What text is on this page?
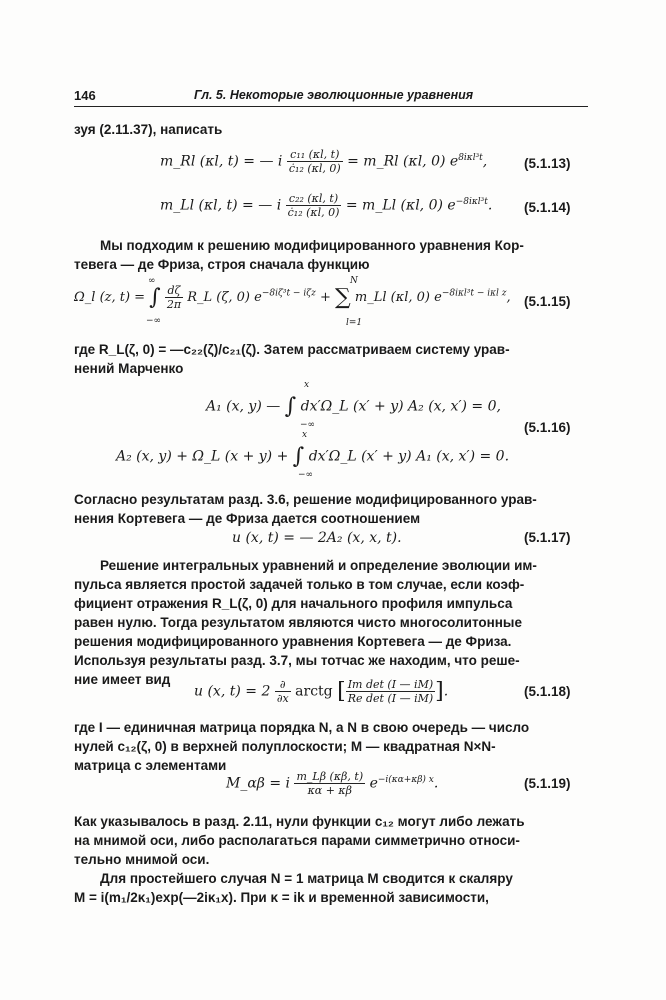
146	Гл. 5. Некоторые эволюционные уравнения
зуя (2.11.37), написать
m_Rl (κl, t) = — i $\frac{\text{c₁₁ (κl, t)}}{\text{ċ₁₂ (κl, 0)}}$ = m_Rl (κl, 0) $e^{8i\kappa l^3t}$,	(5.1.13)
m_Ll (κl, t) = — i $\frac{\text{c₂₂ (κl, t)}}{\text{ċ₁₂ (κl, 0)}}$ = m_Ll (κl, 0) $e^{-8i\kappa l^3t}$. (5.1.14)
Мы подходим к решению модифицированного уравнения Кор-
тевега — де Фриза, строя сначала функцию
Ω_l (z, t) = ∫ $\frac{d\zeta}{2\pi}$ R_L (ζ, 0) $e^{-8i\zeta^3t - i\zeta z}$ + ∑ m_Ll (κl, 0) $e^{-8i\kappa l^3t - i\kappa l z}$,
∞
−∞
N
l=1
(5.1.15)
где R_L(ζ, 0) = —c₂₂(ζ)/c₂₁(ζ). Затем рассматриваем систему урав-
нений Марченко
A₁ (x, y) — ∫ dx′Ω_L (x′ + y) A₂ (x, x′) = 0,
x
−∞
A₂ (x, y) + Ω_L (x + y) + ∫ dx′Ω_L (x′ + y) A₁ (x, x′) = 0.
x
−∞
(5.1.16)
Согласно результатам разд. 3.6, решение модифицированного урав-
нения Кортевега — де Фриза дается соотношением
u (x, t) = — 2A₂ (x, x, t).	(5.1.17)
Решение интегральных уравнений и определение эволюции им-
пульса является простой задачей только в том случае, если коэф-
фициент отражения R_L(ζ, 0) для начального профиля импульса
равен нулю. Тогда результатом являются чисто многосолитонные
решения модифицированного уравнения Кортевега — де Фриза.
Используя результаты разд. 3.7, мы тотчас же находим, что реше-
ние имеет вид
u (x, $t) = 2 \frac{\partial}{\partial x}$ arctg [ $\frac{\text{Im det (I — iM)}}{\text{Re det (I — iM)}}$ ].	(5.1.18)
где I — единичная матрица порядка N, а N в свою очередь — число
нулей c₁₂(ζ, 0) в верхней полуплоскости; M — квадратная N×N-
матрица с элементами
M_αβ = i $\frac{m\_L\beta (\kappa\beta, t)}{\kappa\alpha + \kappa\beta} e^{-i(\kappa\alpha+\kappa\beta) x}$.	(5.1.19)
Как указывалось в разд. 2.11, нули функции c₁₂ могут либо лежать
на мнимой оси, либо располагаться парами симметрично относи-
тельно мнимой оси.
Для простейшего случая N = 1 матрица M сводится к скаляру
M = i(m₁/2κ₁)exp(—2iκ₁x). При κ = ik и временной зависимости,
